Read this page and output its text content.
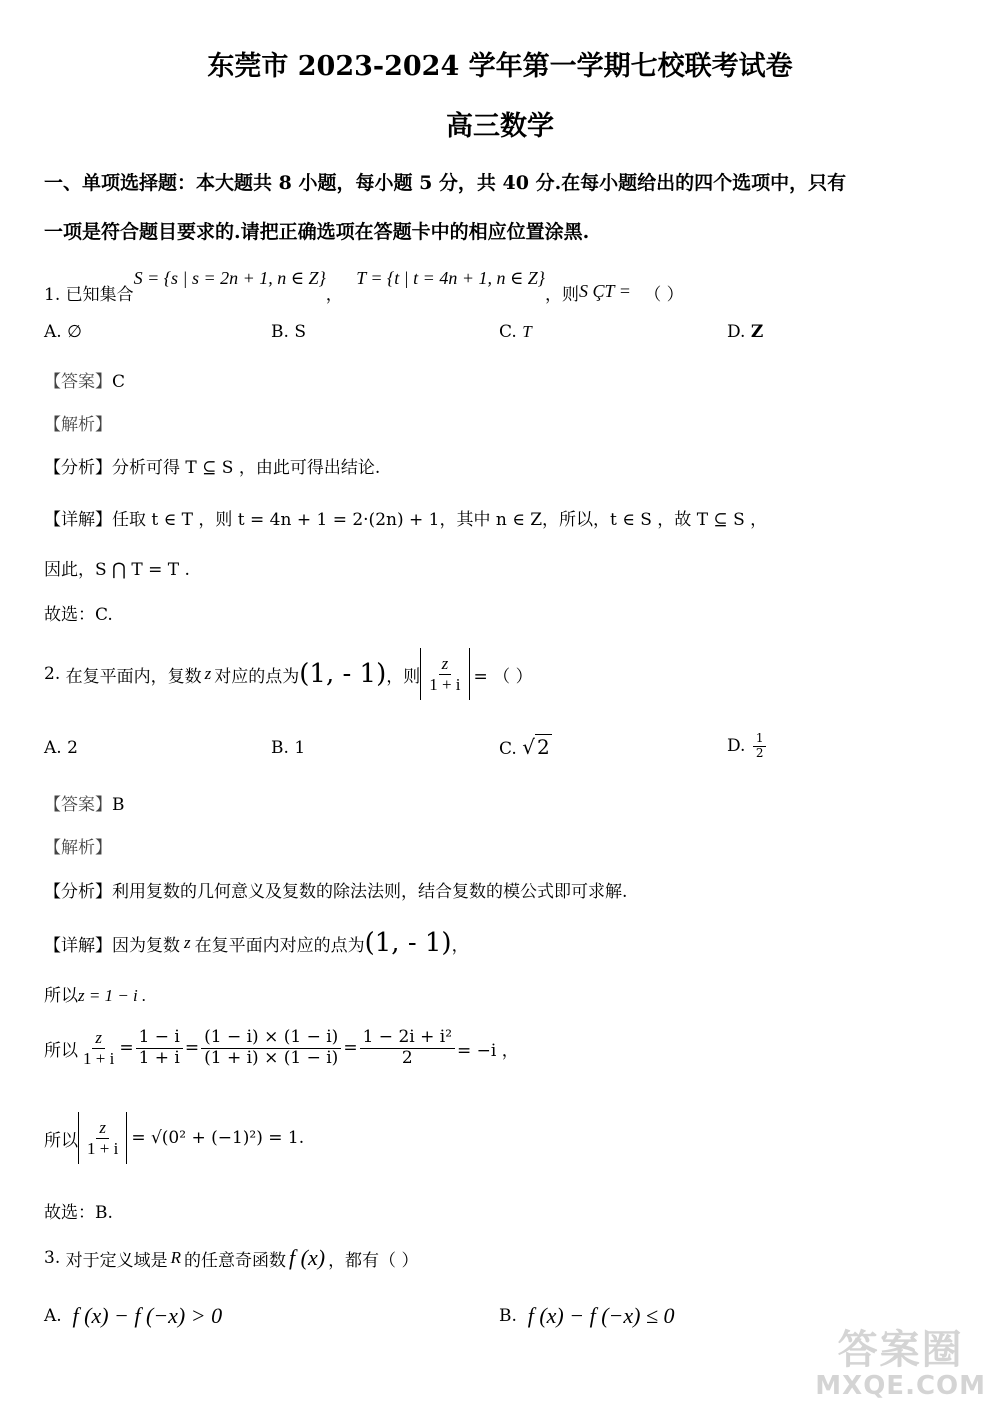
东莞市 2023-2024 学年第一学期七校联考试卷
高三数学
一、单项选择题：本大题共 8 小题，每小题 5 分，共 40 分.在每小题给出的四个选项中，只有
一项是符合题目要求的.请把正确选项在答题卡中的相应位置涂黑.
1. 已知集合S = {s | s = 2n + 1, n ∈ Z}， T = {t | t = 4n + 1, n ∈ Z}，则S ÇT = （ ）
A. ∅	B. S	C. T	D. Z
【答案】C
【解析】
【分析】分析可得 T ⊆ S ，由此可得出结论.
【详解】任取 t ∈ T ，则 t = 4n + 1 = 2·(2n) + 1，其中 n ∈ Z，所以，t ∈ S ，故 T ⊆ S ，
因此，S ⋂ T = T .
故选：C.
2.
在复平面内，复数 z 对应的点为 (1, - 1) ，则 $\frac{z}{1 + i}$ = （ ）
A. 2	B. 1	C. √ 2	D.
$\frac{1}{2}$
【答案】B
【解析】
【分析】利用复数的几何意义及复数的除法法则，结合复数的模公式即可求解.
【详解】 因为复数 z 在复平面内对应的点为 (1, - 1) ，
所以z = 1 − i .
所以 $\frac{z}{1 + i} = \frac{1 - i}{1 + i} = \frac{(1 - i) \times (1 - i)}{(1 + i) \times (1 - i)} = \frac{\text{1 − 2i + i²}}{2} = -i$ ，
所以 $\frac{z}{1 + i} = √(0^2 + (-1)^2) = 1$.
故选：B.
3.
对于定义域是 R 的任意奇函数 f (x) ，都有（ ）
A.
f (x) − f (−x) > 0	B.
f (x) − f (−x) ≤ 0
答案圈
MXQE.COM
